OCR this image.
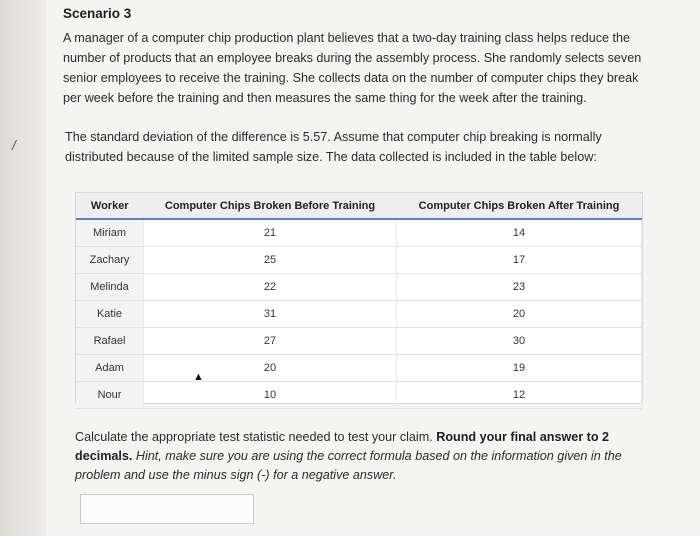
/
Scenario 3
A manager of a computer chip production plant believes that a two-day training class helps reduce the number of products that an employee breaks during the assembly process. She randomly selects seven senior employees to receive the training. She collects data on the number of computer chips they break per week before the training and then measures the same thing for the week after the training.
The standard deviation of the difference is 5.57. Assume that computer chip breaking is normally distributed because of the limited sample size. The data collected is included in the table below:
Worker	Computer Chips Broken Before Training	Computer Chips Broken After Training
Miriam	21	14
Zachary	25	17
Melinda	22	23
Katie	31	20
Rafael	27	30
Adam	20	19
Nour	10	12
▲
Calculate the appropriate test statistic needed to test your claim. Round your final answer to 2 decimals. Hint, make sure you are using the correct formula based on the information given in the problem and use the minus sign (-) for a negative answer.
